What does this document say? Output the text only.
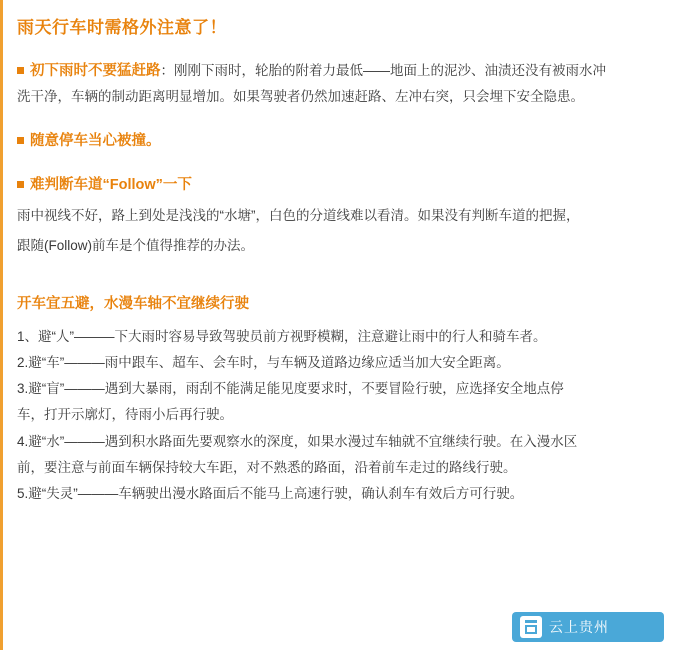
雨天行车时需格外注意了！
初下雨时不要猛赶路：刚刚下雨时，轮胎的附着力最低——地面上的泥沙、油渍还没有被雨水冲
洗干净，车辆的制动距离明显增加。如果驾驶者仍然加速赶路、左冲右突，只会埋下安全隐患。
随意停车当心被撞。
难判断车道“Follow”一下
雨中视线不好，路上到处是浅浅的“水塘”，白色的分道线难以看清。如果没有判断车道的把握，
跟随(Follow)前车是个值得推荐的办法。
开车宜五避，水漫车轴不宜继续行驶
1、避“人”———下大雨时容易导致驾驶员前方视野模糊，注意避让雨中的行人和骑车者。
2.避“车”———雨中跟车、超车、会车时，与车辆及道路边缘应适当加大安全距离。
3.避“盲”———遇到大暴雨，雨刮不能满足能见度要求时，不要冒险行驶，应选择安全地点停
车，打开示廓灯，待雨小后再行驶。
4.避“水”———遇到积水路面先要观察水的深度，如果水漫过车轴就不宜继续行驶。在入漫水区
前，要注意与前面车辆保持较大车距，对不熟悉的路面，沿着前车走过的路线行驶。
5.避“失灵”———车辆驶出漫水路面后不能马上高速行驶，确认刹车有效后方可行驶。
云上贵州
